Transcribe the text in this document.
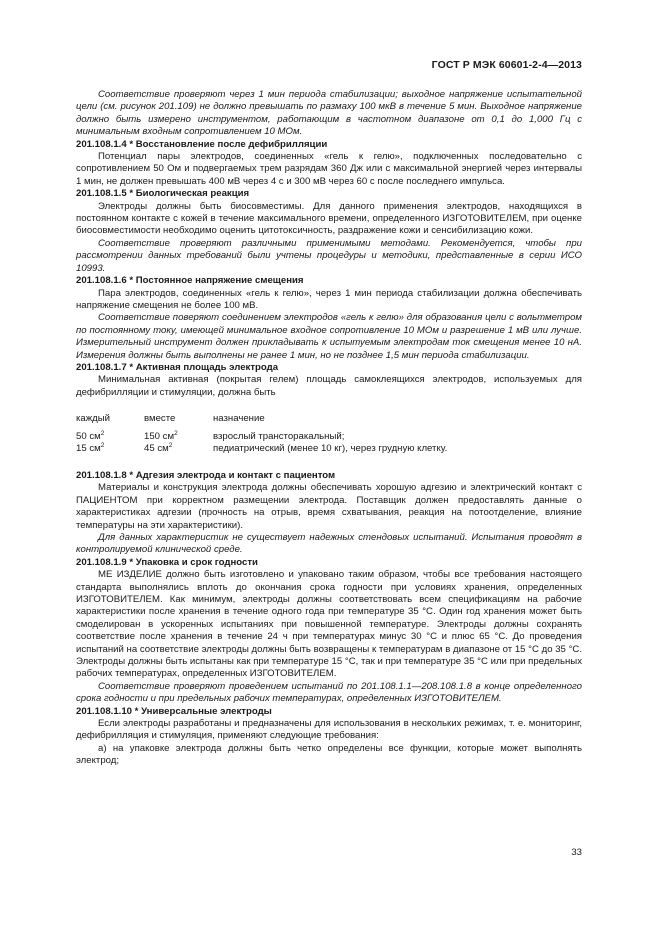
ГОСТ Р МЭК 60601-2-4—2013

Соответствие проверяют через 1 мин периода стабилизации; выходное напряжение испытательной цели (см. рисунок 201.109) не должно превышать по размаху 100 мкВ в течение 5 мин. Выходное напряжение должно быть измерено инструментом, работающим в частотном диапазоне от 0,1 до 1,000 Гц с минимальным входным сопротивлением 10 МОм.

201.108.1.4 * Восстановление после дефибрилляции

Потенциал пары электродов, соединенных «гель к гелю», подключенных последовательно с сопротивлением 50 Ом и подвергаемых трем разрядам 360 Дж или с максимальной энергией через интервалы 1 мин, не должен превышать 400 мВ через 4 с и 300 мВ через 60 с после последнего импульса.

201.108.1.5 * Биологическая реакция

Электроды должны быть биосовместимы. Для данного применения электродов, находящихся в постоянном контакте с кожей в течение максимального времени, определенного ИЗГОТОВИТЕЛЕМ, при оценке биосовместимости необходимо оценить цитотоксичность, раздражение кожи и сенсибилизацию кожи.

Соответствие проверяют различными применимыми методами. Рекомендуется, чтобы при рассмотрении данных требований были учтены процедуры и методики, представленные в серии ИСО 10993.

201.108.1.6 * Постоянное напряжение смещения

Пара электродов, соединенных «гель к гелю», через 1 мин периода стабилизации должна обеспечивать напряжение смещения не более 100 мВ.

Соответствие поверяют соединением электродов «гель к гелю» для образования цели с вольтметром по постоянному току, имеющей минимальное входное сопротивление 10 МОм и разрешение 1 мВ или лучше. Измерительный инструмент должен прикладывать к испытуемым электродам ток смещения менее 10 нА. Измерения должны быть выполнены не ранее 1 мин, но не позднее 1,5 мин периода стабилизации.

201.108.1.7 * Активная площадь электрода

Минимальная активная (покрытая гелем) площадь самоклеящихся электродов, используемых для дефибрилляции и стимуляции, должна быть

каждый	вместе	назначение
50 $см^2$	150 $см^2$	взрослый трансторакальный;
15 $см^2$	45 $см^2$	педиатрический (менее 10 кг), через грудную клетку.

201.108.1.8 * Адгезия электрода и контакт с пациентом

Материалы и конструкция электрода должны обеспечивать хорошую адгезию и электрический контакт с ПАЦИЕНТОМ при корректном размещении электрода. Поставщик должен предоставлять данные о характеристиках адгезии (прочность на отрыв, время схватывания, реакция на потоотделение, влияние температуры на эти характеристики).

Для данных характеристик не существует надежных стендовых испытаний. Испытания проводят в контролируемой клинической среде.

201.108.1.9 * Упаковка и срок годности

МЕ ИЗДЕЛИЕ должно быть изготовлено и упаковано таким образом, чтобы все требования настоящего стандарта выполнялись вплоть до окончания срока годности при условиях хранения, определенных ИЗГОТОВИТЕЛЕМ. Как минимум, электроды должны соответствовать всем спецификациям на рабочие характеристики после хранения в течение одного года при температуре 35 °С. Один год хранения может быть смоделирован в ускоренных испытаниях при повышенной температуре. Электроды должны сохранять соответствие после хранения в течение 24 ч при температурах минус 30 °С и плюс 65 °С. До проведения испытаний на соответствие электроды должны быть возвращены к температурам в диапазоне от 15 °С до 35 °С. Электроды должны быть испытаны как при температуре 15 °С, так и при температуре 35 °С или при предельных рабочих температурах, определенных ИЗГОТОВИТЕЛЕМ.

Соответствие проверяют проведением испытаний по 201.108.1.1—208.108.1.8 в конце определенного срока годности и при предельных рабочих температурах, определенных ИЗГОТОВИТЕЛЕМ.

201.108.1.10 * Универсальные электроды

Если электроды разработаны и предназначены для использования в нескольких режимах, т. е. мониторинг, дефибрилляция и стимуляция, применяют следующие требования:

а) на упаковке электрода должны быть четко определены все функции, которые может выполнять электрод;

33
